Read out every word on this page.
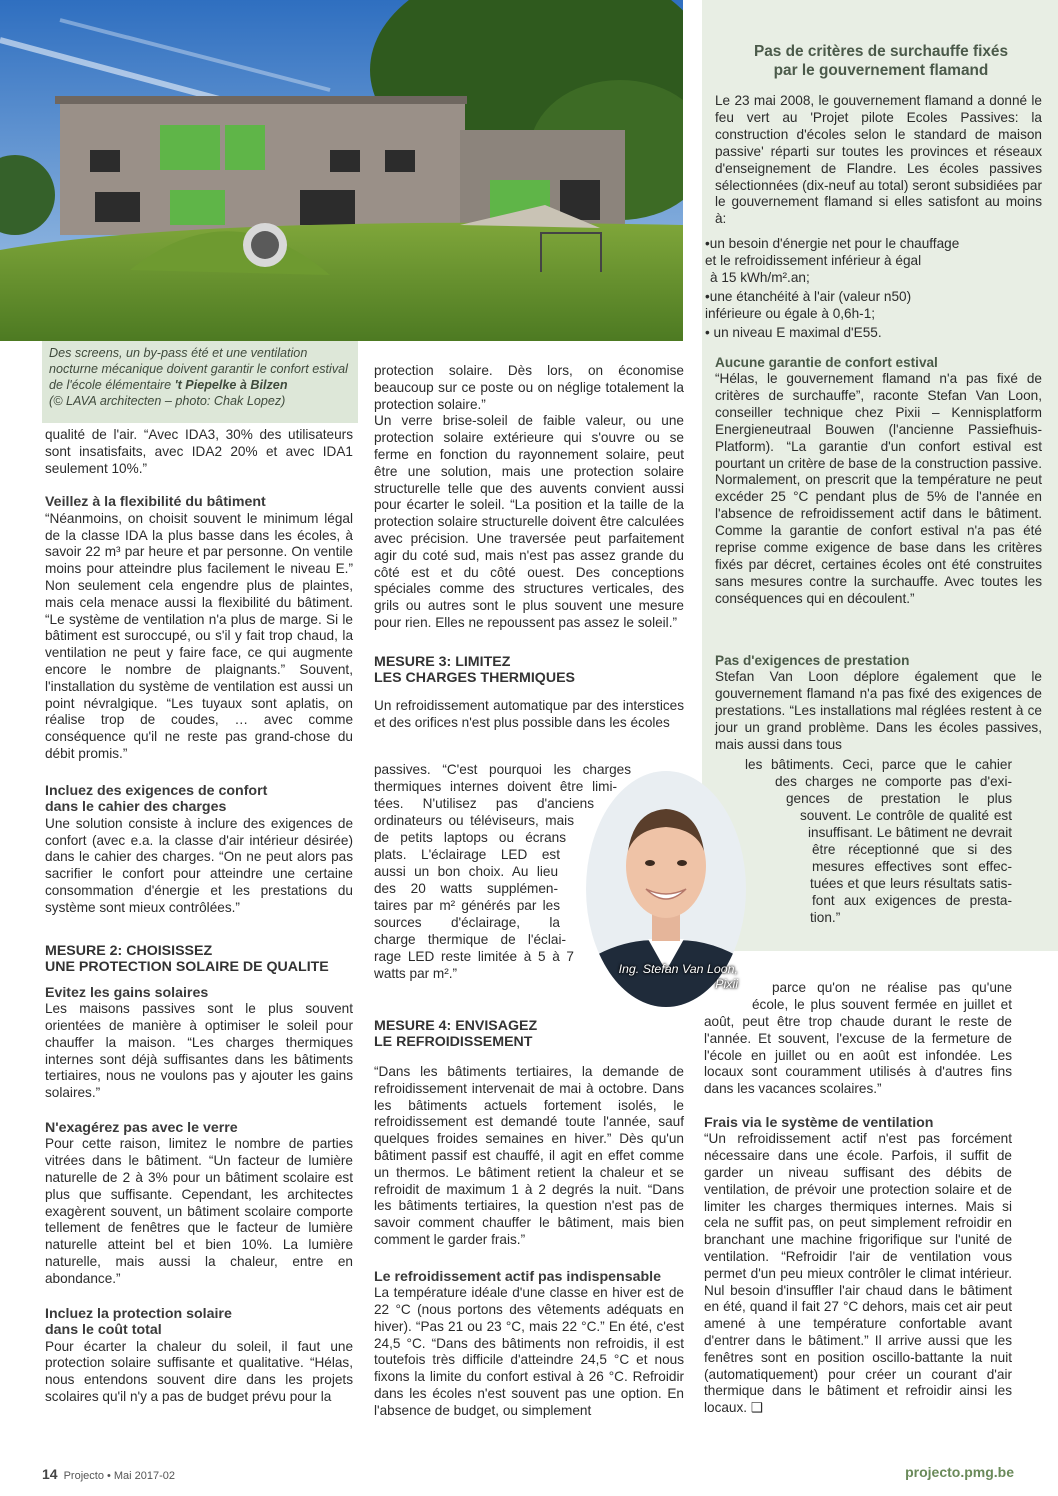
Des screens, un by-pass été et une ventilation nocturne mécanique doivent garantir le confort estival de l'école élémentaire 't Piepelke à Bilzen
(© LAVA architecten – photo: Chak Lopez)
Pas de critères de surchauffe fixés
par le gouvernement flamand

Le 23 mai 2008, le gouvernement flamand a donné le feu vert au 'Projet pilote Ecoles Passives: la construction d'écoles selon le standard de maison passive' réparti sur toutes les provinces et réseaux d'enseignement de Flandre. Les écoles passives sélectionnées (dix-neuf au total) seront subsidiées par le gouvernement flamand si elles satisfont au moins à:

•un besoin d'énergie net pour le chauffage
et le refroidissement inférieur à égal
à 15 kWh/m².an;
•une étanchéité à l'air (valeur n50)
inférieure ou égale à 0,6h-1;
• un niveau E maximal d'E55.
Aucune garantie de confort estival

“Hélas, le gouvernement flamand n'a pas fixé de critères de surchauffe”, raconte Stefan Van Loon, conseiller technique chez Pixii – Kennisplatform Energieneutraal Bouwen (l'ancienne Passiefhuis-Platform). “La garantie d'un confort estival est pourtant un critère de base de la construction passive. Normalement, on prescrit que la température ne peut excéder 25 °C pendant plus de 5% de l'année en l'absence de refroidissement actif dans le bâtiment. Comme la garantie de confort estival n'a pas été reprise comme exigence de base dans les critères fixés par décret, certaines écoles ont été construites sans mesures contre la surchauffe. Avec toutes les conséquences qui en découlent.”

Pas d'exigences de prestation

Stefan Van Loon déplore également que le gouvernement flamand n'a pas fixé des exigences de prestations. “Les installations mal réglées restent à ce jour un grand problème. Dans les écoles passives, mais aussi dans tous

les bâtiments. Ceci, parce que le cahier
des charges ne comporte pas d'exi-
gences de prestation le plus
souvent. Le contrôle de qualité est
insuffisant. Le bâtiment ne devrait
être réceptionné que si des
mesures effectives sont effec-
tuées et que leurs résultats satis-
font aux exigences de presta-
tion.”
Ing. Stefan Van Loon,
Pixii

qualité de l'air. “Avec IDA3, 30% des utilisateurs sont insatisfaits, avec IDA2 20% et avec IDA1 seulement 10%.”

Veillez à la flexibilité du bâtiment

“Néanmoins, on choisit souvent le minimum légal de la classe IDA la plus basse dans les écoles, à savoir 22 m³ par heure et par personne. On ventile moins pour atteindre plus facilement le niveau E.” Non seulement cela engendre plus de plaintes, mais cela menace aussi la flexibilité du bâtiment. “Le système de ventilation n'a plus de marge. Si le bâtiment est suroccupé, ou s'il y fait trop chaud, la ventilation ne peut y faire face, ce qui augmente encore le nombre de plaignants.” Souvent, l'installation du système de ventilation est aussi un point névralgique. “Les tuyaux sont aplatis, on réalise trop de coudes, … avec comme conséquence qu'il ne reste pas grand-chose du débit promis.”

Incluez des exigences de confort
dans le cahier des charges

Une solution consiste à inclure des exigences de confort (avec e.a. la classe d'air intérieur désirée) dans le cahier des charges. “On ne peut alors pas sacrifier le confort pour atteindre une certaine consommation d'énergie et les prestations du système sont mieux contrôlées.”

MESURE 2: CHOISISSEZ
UNE PROTECTION SOLAIRE DE QUALITE
Evitez les gains solaires

Les maisons passives sont le plus souvent orientées de manière à optimiser le soleil pour chauffer la maison. “Les charges thermiques internes sont déjà suffisantes dans les bâtiments tertiaires, nous ne voulons pas y ajouter les gains solaires.”

N'exagérez pas avec le verre

Pour cette raison, limitez le nombre de parties vitrées dans le bâtiment. “Un facteur de lumière naturelle de 2 à 3% pour un bâtiment scolaire est plus que suffisante. Cependant, les architectes exagèrent souvent, un bâtiment scolaire comporte tellement de fenêtres que le facteur de lumière naturelle atteint bel et bien 10%. La lumière naturelle, mais aussi la chaleur, entre en abondance.”

Incluez la protection solaire
dans le coût total

Pour écarter la chaleur du soleil, il faut une protection solaire suffisante et qualitative. “Hélas, nous entendons souvent dire dans les projets scolaires qu'il n'y a pas de budget prévu pour la

protection solaire. Dès lors, on économise beaucoup sur ce poste ou on néglige totalement la protection solaire.”

Un verre brise-soleil de faible valeur, ou une protection solaire extérieure qui s'ouvre ou se ferme en fonction du rayonnement solaire, peut être une solution, mais une protection solaire structurelle telle que des auvents convient aussi pour écarter le soleil. “La position et la taille de la protection solaire structurelle doivent être calculées avec précision. Une traversée peut parfaitement agir du coté sud, mais n'est pas assez grande du côté est et du côté ouest. Des conceptions spéciales comme des structures verticales, des grils ou autres sont le plus souvent une mesure pour rien. Elles ne repoussent pas assez le soleil.”

MESURE 3: LIMITEZ
LES CHARGES THERMIQUES

Un refroidissement automatique par des interstices et des orifices n'est plus possible dans les écoles

passives. “C'est pourquoi les charges
thermiques internes doivent être limi-
tées. N'utilisez pas d'anciens
ordinateurs ou téléviseurs, mais
de petits laptops ou écrans
plats. L'éclairage LED est
aussi un bon choix. Au lieu
des 20 watts supplémen-
taires par m² générés par les
sources d'éclairage, la
charge thermique de l'éclai-
rage LED reste limitée à 5 à 7
watts par m².”
MESURE 4: ENVISAGEZ
LE REFROIDISSEMENT

“Dans les bâtiments tertiaires, la demande de refroidissement intervenait de mai à octobre. Dans les bâtiments actuels fortement isolés, le refroidissement est demandé toute l'année, sauf quelques froides semaines en hiver.” Dès qu'un bâtiment passif est chauffé, il agit en effet comme un thermos. Le bâtiment retient la chaleur et se refroidit de maximum 1 à 2 degrés la nuit. “Dans les bâtiments tertiaires, la question n'est pas de savoir comment chauffer le bâtiment, mais bien comment le garder frais.”

Le refroidissement actif pas indispensable

La température idéale d'une classe en hiver est de 22 °C (nous portons des vêtements adéquats en hiver). “Pas 21 ou 23 °C, mais 22 °C.” En été, c'est 24,5 °C. “Dans des bâtiments non refroidis, il est toutefois très difficile d'atteindre 24,5 °C et nous fixons la limite du confort estival à 26 °C. Refroidir dans les écoles n'est souvent pas une option. En l'absence de budget, ou simplement

parce qu'on ne réalise pas qu'une
école, le plus souvent fermée en juillet et

août, peut être trop chaude durant le reste de l'année. Et souvent, l'excuse de la fermeture de l'école en juillet ou en août est infondée. Les locaux sont couramment utilisés à d'autres fins dans les vacances scolaires.”

Frais via le système de ventilation

“Un refroidissement actif n'est pas forcément nécessaire dans une école. Parfois, il suffit de garder un niveau suffisant des débits de ventilation, de prévoir une protection solaire et de limiter les charges thermiques internes. Mais si cela ne suffit pas, on peut simplement refroidir en branchant une machine frigorifique sur l'unité de ventilation. “Refroidir l'air de ventilation vous permet d'un peu mieux contrôler le climat intérieur. Nul besoin d'insuffler l'air chaud dans le bâtiment en été, quand il fait 27 °C dehors, mais cet air peut amené à une température confortable avant d'entrer dans le bâtiment.” Il arrive aussi que les fenêtres sont en position oscillo-battante la nuit (automatiquement) pour créer un courant d'air thermique dans le bâtiment et refroidir ainsi les locaux. ❑

14 Projecto • Mai 2017-02	projecto.pmg.be
